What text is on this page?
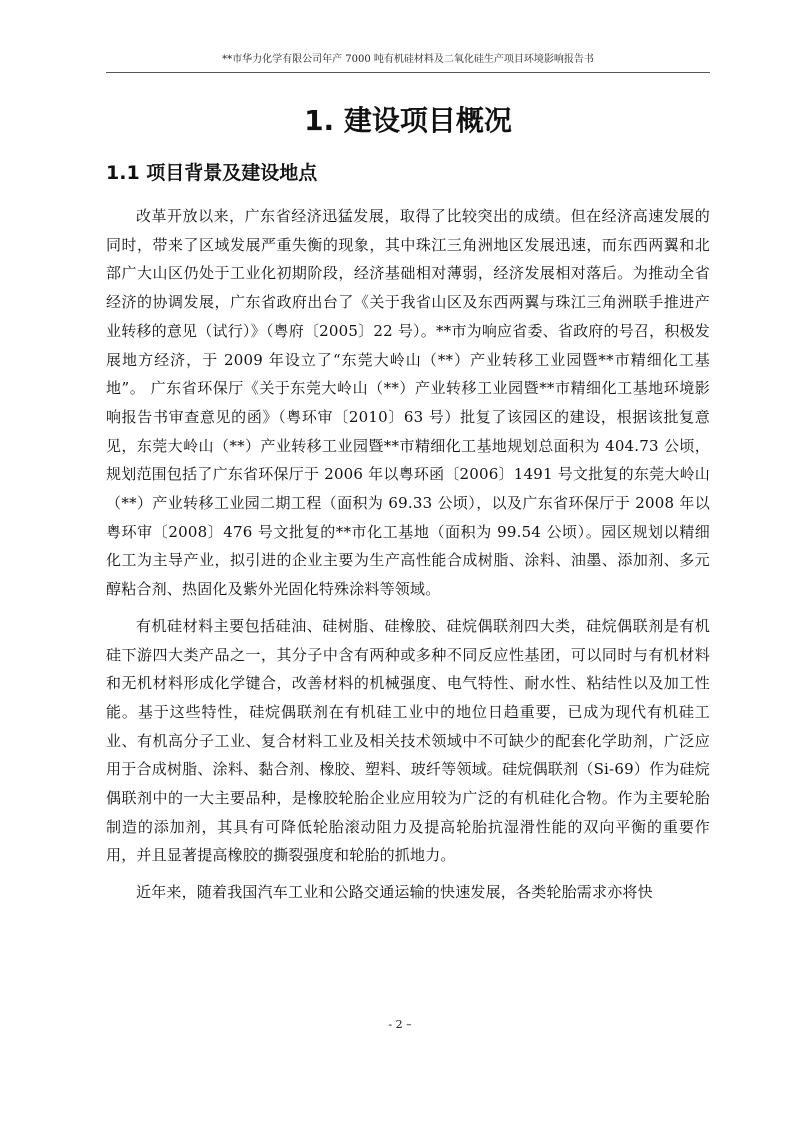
**市华力化学有限公司年产 7000 吨有机硅材料及二氧化硅生产项目环境影响报告书
1. 建设项目概况
1.1 项目背景及建设地点

改革开放以来，广东省经济迅猛发展，取得了比较突出的成绩。但在经济高速发展的同时，带来了区域发展严重失衡的现象，其中珠江三角洲地区发展迅速，而东西两翼和北部广大山区仍处于工业化初期阶段，经济基础相对薄弱，经济发展相对落后。为推动全省经济的协调发展，广东省政府出台了《关于我省山区及东西两翼与珠江三角洲联手推进产业转移的意见（试行）》（粤府〔2005〕22 号）。**市为响应省委、省政府的号召，积极发展地方经济，于 2009 年设立了“东莞大岭山（**）产业转移工业园暨**市精细化工基地”。 广东省环保厅《关于东莞大岭山（**）产业转移工业园暨**市精细化工基地环境影响报告书审查意见的函》（粤环审〔2010〕63 号）批复了该园区的建设，根据该批复意见，东莞大岭山（**）产业转移工业园暨**市精细化工基地规划总面积为 404.73 公顷，规划范围包括了广东省环保厅于 2006 年以粤环函〔2006〕1491 号文批复的东莞大岭山（**）产业转移工业园二期工程（面积为 69.33 公顷），以及广东省环保厅于 2008 年以粤环审〔2008〕476 号文批复的**市化工基地（面积为 99.54 公顷）。园区规划以精细化工为主导产业，拟引进的企业主要为生产高性能合成树脂、涂料、油墨、添加剂、多元醇粘合剂、热固化及紫外光固化特殊涂料等领域。

有机硅材料主要包括硅油、硅树脂、硅橡胶、硅烷偶联剂四大类，硅烷偶联剂是有机硅下游四大类产品之一，其分子中含有两种或多种不同反应性基团，可以同时与有机材料和无机材料形成化学键合，改善材料的机械强度、电气特性、耐水性、粘结性以及加工性能。基于这些特性，硅烷偶联剂在有机硅工业中的地位日趋重要，已成为现代有机硅工业、有机高分子工业、复合材料工业及相关技术领域中不可缺少的配套化学助剂，广泛应用于合成树脂、涂料、黏合剂、橡胶、塑料、玻纤等领域。硅烷偶联剂（Si-69）作为硅烷偶联剂中的一大主要品种，是橡胶轮胎企业应用较为广泛的有机硅化合物。作为主要轮胎制造的添加剂，其具有可降低轮胎滚动阻力及提高轮胎抗湿滑性能的双向平衡的重要作用，并且显著提高橡胶的撕裂强度和轮胎的抓地力。

近年来，随着我国汽车工业和公路交通运输的快速发展，各类轮胎需求亦将快

- 2 –
